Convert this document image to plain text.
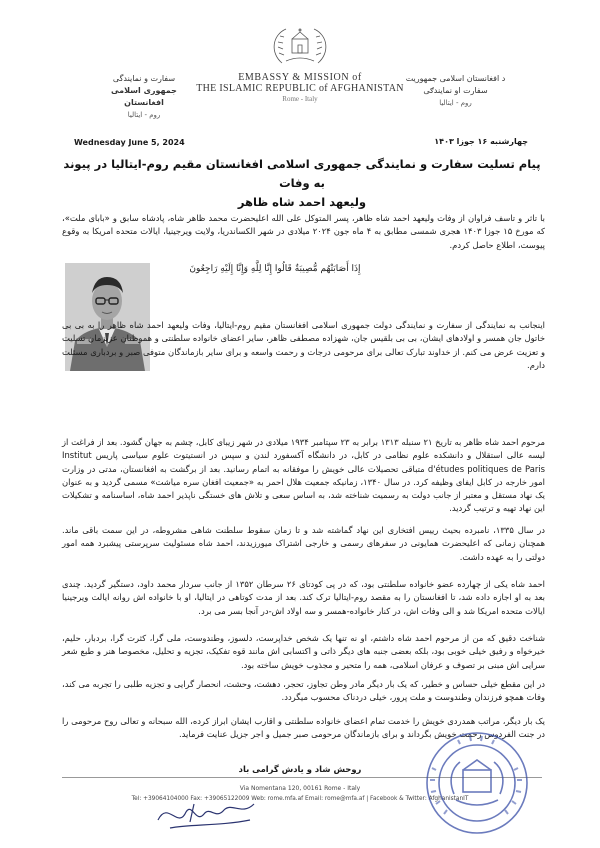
سفارت و نمایندگی
جمهوری اسلامی افغانستان
روم - ایتالیا
EMBASSY & MISSION of
THE ISLAMIC REPUBLIC of AFGHANISTAN
Rome - Italy
د افغانستان اسلامی جمهوریت
سفارت او نمایندګی
روم - ایتالیا
Wednesday June 5, 2024	چهارشنبه ۱۶ جوزا ۱۴۰۳
پیام تسلیت سفارت و نمایندگی جمهوری اسلامی افغانستان مقیم روم-ایتالیا در پیوند به وفات
ولیعهد احمد شاه ظاهر
با تاثر و تاسف فراوان از وفات ولیعهد احمد شاه ظاهر، پسر المتوکل علی الله اعلیحضرت محمد ظاهر شاه، پادشاه سابق و «بابای ملت»، که مورخ ۱۵ جوزا ۱۴۰۳ هجری شمسی مطابق به ۴ ماه جون ۲۰۲۴ میلادی در شهر الکساندریا، ولایت ویرجینیا، ایالات متحده امریکا به وقوع پیوست، اطلاع حاصل کردم.
إِذَا أَصَابَتْهُم مُّصِيبَةٌ قَالُوا إِنَّا لِلَّهِ وَإِنَّا إِلَيْهِ رَاجِعُونَ
اینجانب به نمایندگی از سفارت و نمایندگی دولت جمهوری اسلامی افغانستان مقیم روم-ایتالیا، وفات ولیعهد احمد شاه ظاهر را به بی بی خاتول جان همسر و اولادهای ایشان، بی بی بلقیس جان، شهزاده مصطفی ظاهر، سایر اعضای خانواده سلطنتی و هموطنان عزیزمان تسلیت و تعزیت عرض می کنم. از خداوند تبارک تعالی برای مرحومی درجات و رحمت واسعه و برای سایر بازماندگان متوفی صبر و بردباری مسئلت دارم.
مرحوم احمد شاه ظاهر به تاریخ ۲۱ سنبله ۱۳۱۳ برابر به ۲۳ سپتامبر ۱۹۳۴ میلادی در شهر زیبای کابل، چشم به جهان گشود. بعد از فراغت از لیسه عالی استقلال و دانشکده علوم نظامی در کابل، در دانشگاه آکسفورد لندن و سپس در انستیتوت علوم سیاسی پاریس Institut d'études politiques de Paris متباقی تحصیلات عالی خویش را موفقانه به اتمام رسانید. بعد از برگشت به افغانستان، مدتی در وزارت امور خارجه در کابل ایفای وظیفه کرد. در سال ۱۳۴۰، زمانیکه جمعیت هلال احمر به «جمعیت افغان سره میاشت» مسمی گردید و به عنوان یک نهاد مستقل و معتبر از جانب دولت به رسمیت شناخته شد، به اساس سعی و تلاش های خستگی ناپذیر احمد شاه، اساسنامه و تشکیلات این نهاد تهیه و ترتیب گردید.
در سال ۱۳۳۵، نامبرده بحیث رییس افتخاری این نهاد گماشته شد و تا زمان سقوط سلطنت شاهی مشروطه، در این سمت باقی ماند. همچنان زمانی که اعلیحضرت همایونی در سفرهای رسمی و خارجی اشتراک میورزیدند، احمد شاه مسئولیت سرپرستی پیشبرد همه امور دولتی را به عهده داشت.
احمد شاه یکی از چهارده عضو خانواده سلطنتی بود، که در پی کودتای ۲۶ سرطان ۱۳۵۲ از جانب سردار محمد داود، دستگیر گردید. چندی بعد به او اجازه داده شد، تا افغانستان را به مقصد روم-ایتالیا ترک کند. بعد از مدت کوتاهی در ایتالیا، او با خانواده اش روانه ایالت ویرجینیا ایالات متحده امریکا شد و الی وفات اش، در کنار خانواده-همسر و سه اولاد اش-در آنجا بسر می برد.
شناخت دقیق که من از مرحوم احمد شاه داشتم، او نه تنها یک شخص خداپرست، دلسوز، وطندوست، ملی گرا، کثرت گرا، بردبار، حلیم، خیرخواه و رفیق خیلی خوبی بود، بلکه بعضی جنبه های دیگر ذاتی و اکتسابی اش مانند قوه تفکیک، تجزیه و تحلیل، مخصوصا هنر و طبع شعر سرایی اش مبنی بر تصوف و عرفان اسلامی، همه را متحیر و مجذوب خویش ساخته بود.
در این مقطع خیلی حساس و خطیر، که یک بار دیگر مادر وطن تجاوز، تحجر، دهشت، وحشت، انحصار گرایی و تجزیه طلبی را تجربه می کند، وفات همچو فرزندان وطندوست و ملت پرور، خیلی دردناک محسوب میگردد.
یک بار دیگر، مراتب همدردی خویش را خدمت تمام اعضای خانواده سلطنتی و اقارب ایشان ابراز کرده، الله سبحانه و تعالی روح مرحومی را در جنت الفردوس رحمت خویش بگرداند و برای بازماندگان مرحومی صبر جمیل و اجر جزیل عنایت فرماید.
روحش شاد و یادش گرامی باد
Via Nomentana 120, 00161 Rome - Italy
Tel: +39064104000 Fax: +39065122009 Web: rome.mfa.af Email: rome@mfa.af | Facebook & Twitter: AfghanistanIT
